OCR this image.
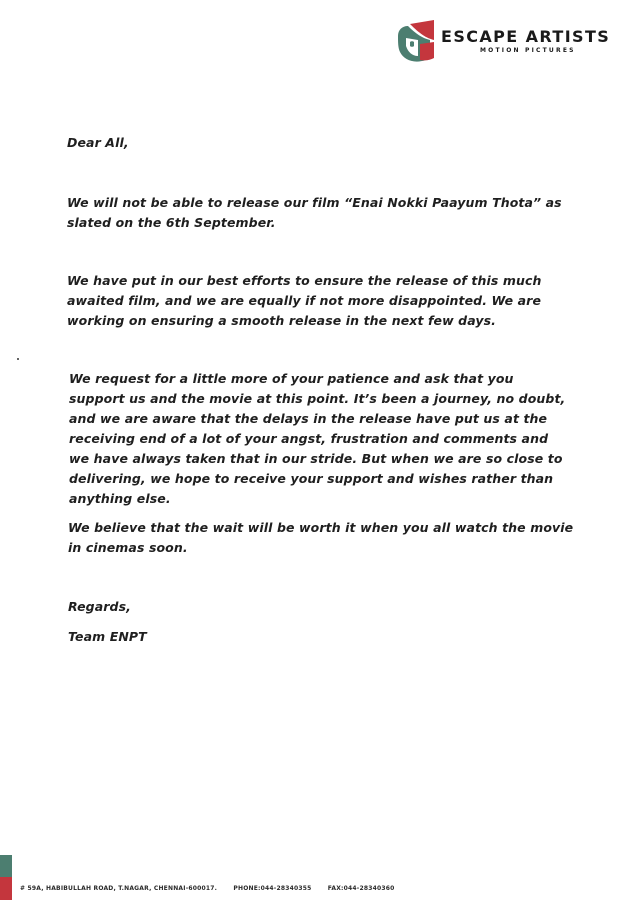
ESCAPE ARTISTS
MOTION PICTURES
Dear All,
We will not be able to release our film “Enai Nokki Paayum Thota” as slated on the 6th September.
We have put in our best efforts to ensure the release of this much awaited film, and we are equally if not more disappointed. We are working on ensuring a smooth release in the next few days.
We request for a little more of your patience and ask that you support us and the movie at this point. It’s been a journey, no doubt, and we are aware that the delays in the release have put us at the receiving end of a lot of your angst, frustration and comments and we have always taken that in our stride. But when we are so close to delivering, we hope to receive your support and wishes rather than anything else.
We believe that the wait will be worth it when you all watch the movie in cinemas soon.
Regards,
Team ENPT
# 59A, HABIBULLAH ROAD, T.NAGAR, CHENNAI-600017.	PHONE:044-28340355	FAX:044-28340360
